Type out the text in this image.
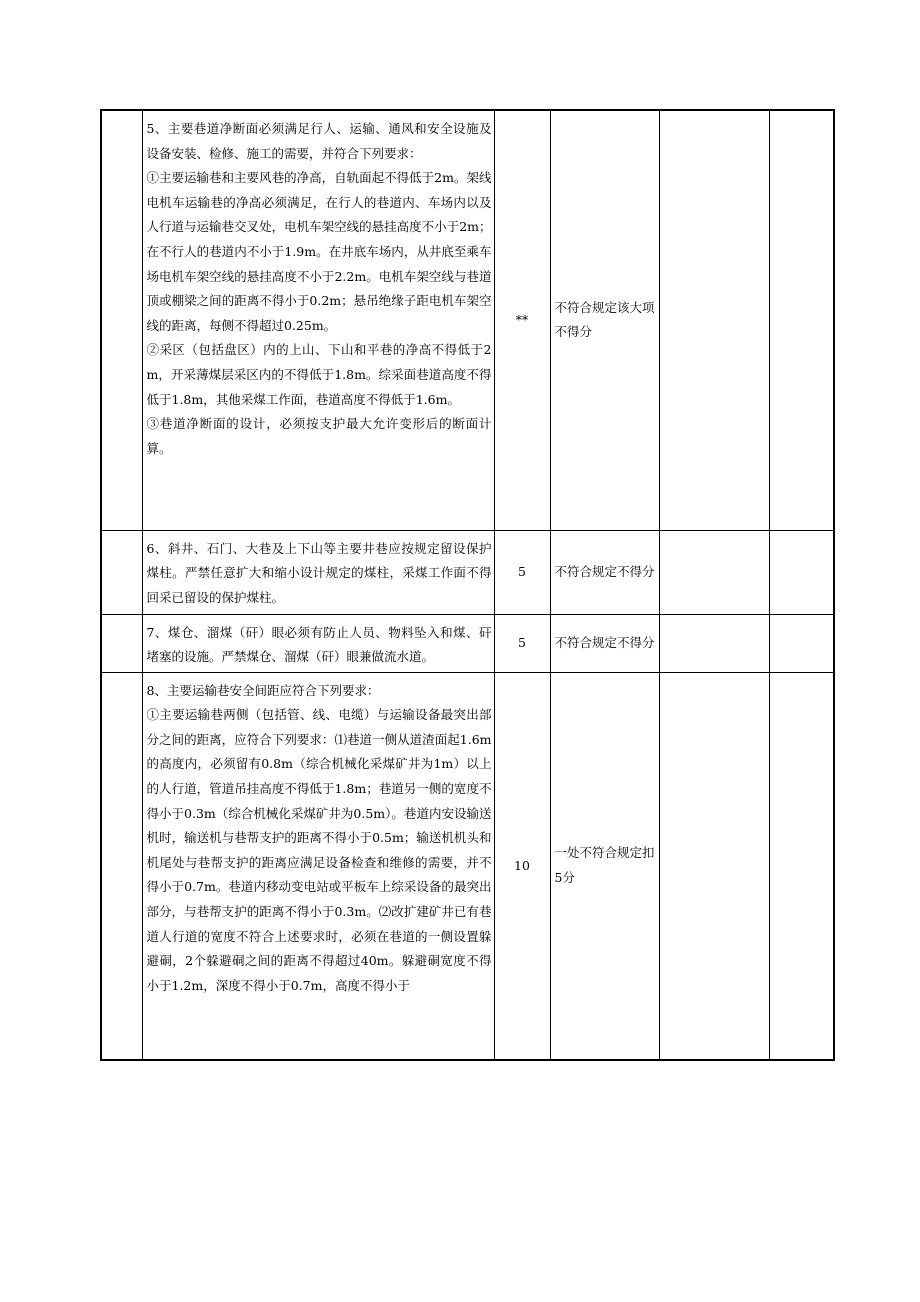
	5、主要巷道净断面必须满足行人、运输、通风和安全设施及设备安装、检修、施工的需要，并符合下列要求：
①主要运输巷和主要风巷的净高，自轨面起不得低于2m。架线电机车运输巷的净高必须满足，在行人的巷道内、车场内以及人行道与运输巷交叉处，电机车架空线的悬挂高度不小于2m；在不行人的巷道内不小于1.9m。在井底车场内，从井底至乘车场电机车架空线的悬挂高度不小于2.2m。电机车架空线与巷道顶或棚梁之间的距离不得小于0.2m；悬吊绝缘子距电机车架空线的距离，每侧不得超过0.25m。
②采区（包括盘区）内的上山、下山和平巷的净高不得低于2m，开采薄煤层采区内的不得低于1.8m。综采面巷道高度不得低于1.8m，其他采煤工作面，巷道高度不得低于1.6m。
③巷道净断面的设计，必须按支护最大允许变形后的断面计算。	**	不符合规定该大项不得分		
	6、斜井、石门、大巷及上下山等主要井巷应按规定留设保护煤柱。严禁任意扩大和缩小设计规定的煤柱，采煤工作面不得回采已留设的保护煤柱。	5	不符合规定不得分		
	7、煤仓、溜煤（矸）眼必须有防止人员、物料坠入和煤、矸堵塞的设施。严禁煤仓、溜煤（矸）眼兼做流水道。	5	不符合规定不得分		
	8、主要运输巷安全间距应符合下列要求：
①主要运输巷两侧（包括管、线、电缆）与运输设备最突出部分之间的距离，应符合下列要求：⑴巷道一侧从道渣面起1.6m的高度内，必须留有0.8m（综合机械化采煤矿井为1m）以上的人行道，管道吊挂高度不得低于1.8m；巷道另一侧的宽度不得小于0.3m（综合机械化采煤矿井为0.5m）。巷道内安设输送机时，输送机与巷帮支护的距离不得小于0.5m；输送机机头和机尾处与巷帮支护的距离应满足设备检查和维修的需要，并不得小于0.7m。巷道内移动变电站或平板车上综采设备的最突出部分，与巷帮支护的距离不得小于0.3m。⑵改扩建矿井已有巷道人行道的宽度不符合上述要求时，必须在巷道的一侧设置躲避硐，2个躲避硐之间的距离不得超过40m。躲避硐宽度不得小于1.2m，深度不得小于0.7m，高度不得小于	10	一处不符合规定扣5分		
